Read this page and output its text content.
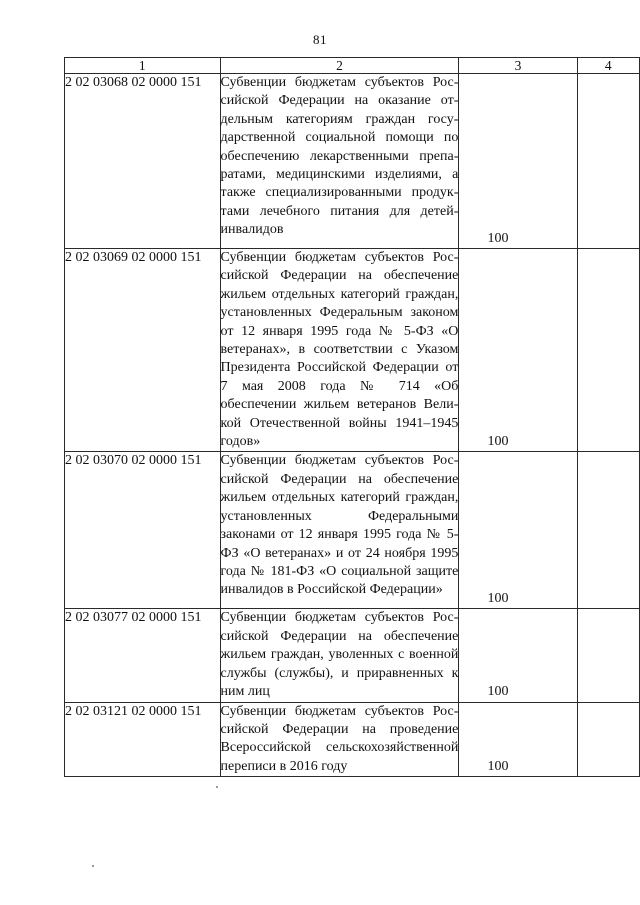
81
1	2	3	4
2 02 03068 02 0000 151	Субвенции бюджетам субъектов Российской Федерации на оказание отдельным категориям граждан государственной социальной помощи по обеспечению лекарственными препаратами, медицинскими изделиями, а также специализированными продуктами лечебного питания для детей-инвалидов	100	
2 02 03069 02 0000 151	Субвенции бюджетам субъектов Российской Федерации на обеспечение жильем отдельных категорий граждан, установленных Федеральным законом от 12 января 1995 года № 5-ФЗ «О ветеранах», в соответствии с Указом Президента Российской Федерации от 7 мая 2008 года № 714 «Об обеспечении жильем ветеранов Великой Отечественной войны 1941–1945 годов»	100	
2 02 03070 02 0000 151	Субвенции бюджетам субъектов Российской Федерации на обеспечение жильем отдельных категорий граждан, установленных Федеральными законами от 12 января 1995 года № 5-ФЗ «О ветеранах» и от 24 ноября 1995 года № 181-ФЗ «О социальной защите инвалидов в Российской Федерации»	100	
2 02 03077 02 0000 151	Субвенции бюджетам субъектов Российской Федерации на обеспечение жильем граждан, уволенных с военной службы (службы), и приравненных к ним лиц	100	
2 02 03121 02 0000 151	Субвенции бюджетам субъектов Российской Федерации на проведение Всероссийской сельскохозяйственной переписи в 2016 году	100	
